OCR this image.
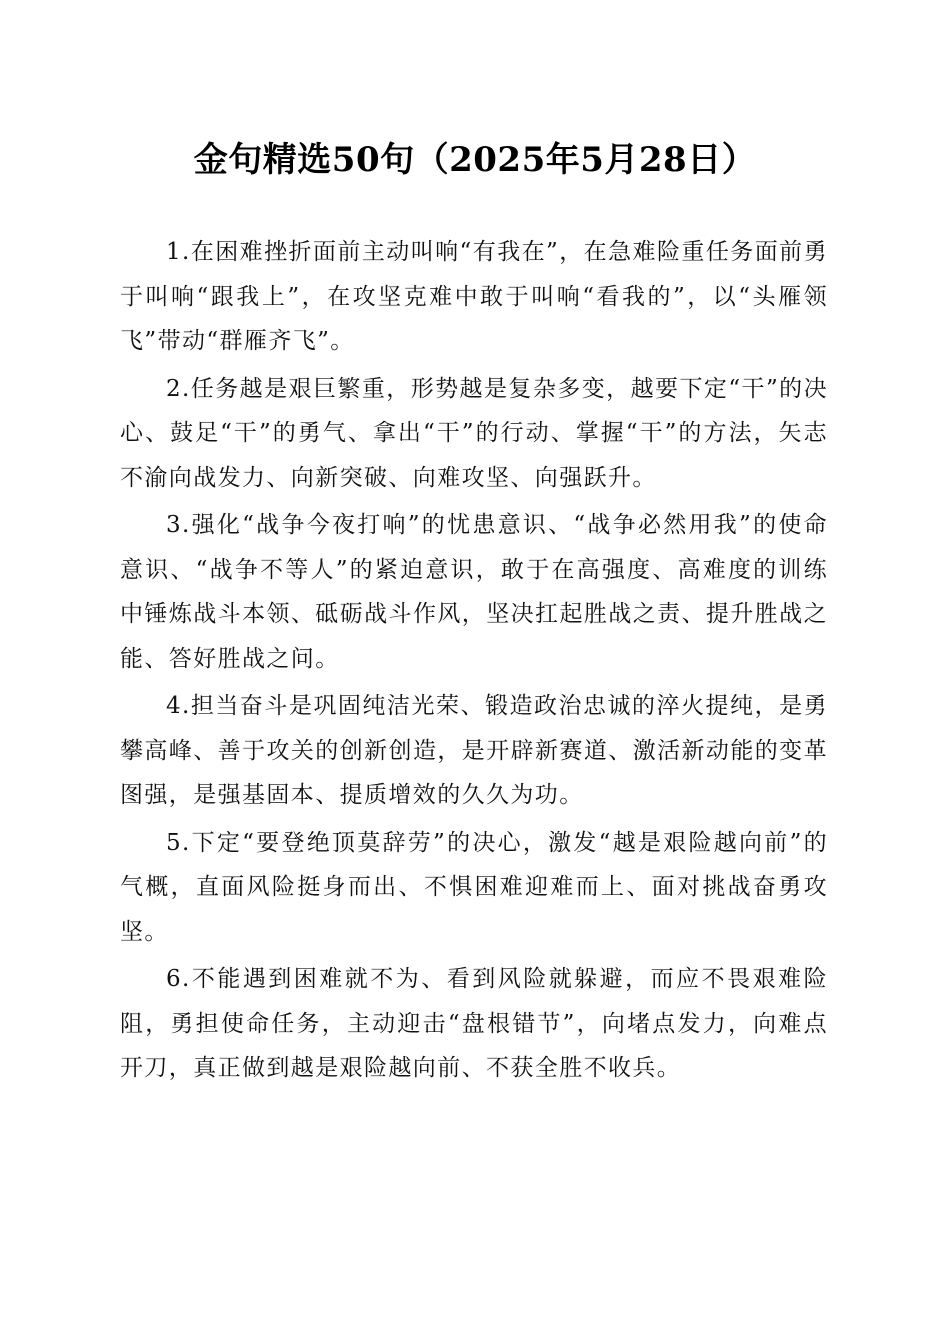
金句精选50句（2025年5月28日）

1.在困难挫折面前主动叫响“有我在”，在急难险重任务面前勇于叫响“跟我上”，在攻坚克难中敢于叫响“看我的”，以“头雁领飞”带动“群雁齐飞”。

2.任务越是艰巨繁重，形势越是复杂多变，越要下定“干”的决心、鼓足“干”的勇气、拿出“干”的行动、掌握“干”的方法，矢志不渝向战发力、向新突破、向难攻坚、向强跃升。

3.强化“战争今夜打响”的忧患意识、“战争必然用我”的使命意识、“战争不等人”的紧迫意识，敢于在高强度、高难度的训练中锤炼战斗本领、砥砺战斗作风，坚决扛起胜战之责、提升胜战之能、答好胜战之问。

4.担当奋斗是巩固纯洁光荣、锻造政治忠诚的淬火提纯，是勇攀高峰、善于攻关的创新创造，是开辟新赛道、激活新动能的变革图强，是强基固本、提质增效的久久为功。

5.下定“要登绝顶莫辞劳”的决心，激发“越是艰险越向前”的气概，直面风险挺身而出、不惧困难迎难而上、面对挑战奋勇攻坚。

6.不能遇到困难就不为、看到风险就躲避，而应不畏艰难险阻，勇担使命任务，主动迎击“盘根错节”，向堵点发力，向难点开刀，真正做到越是艰险越向前、不获全胜不收兵。
